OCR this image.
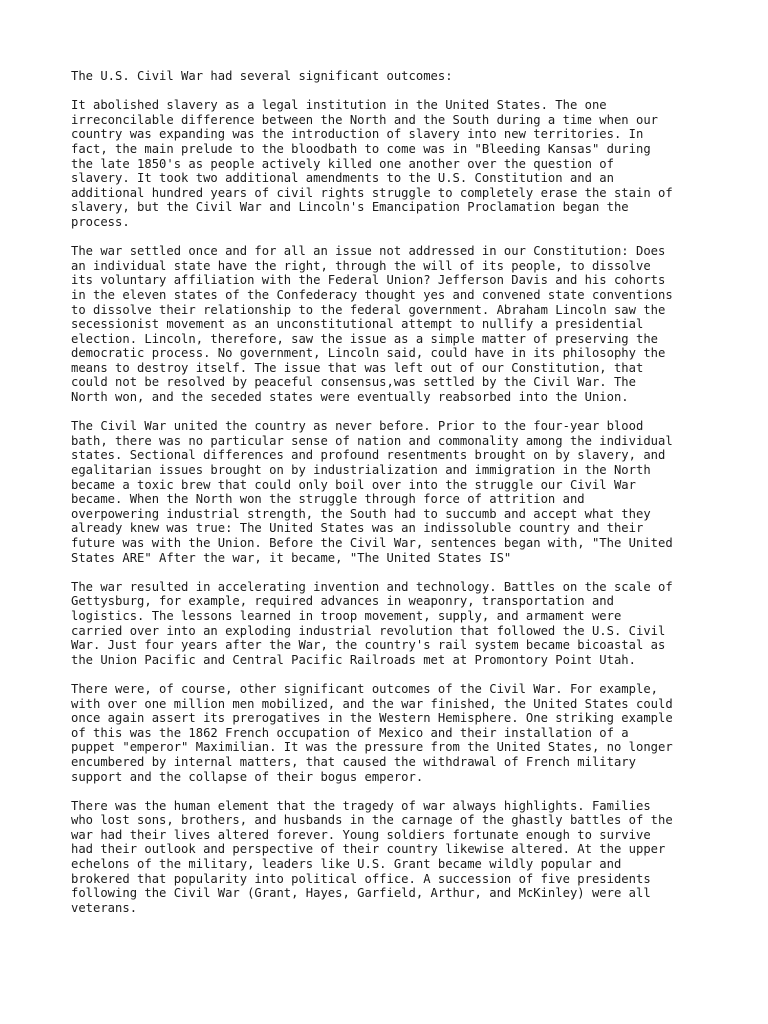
The U.S. Civil War had several significant outcomes:

It abolished slavery as a legal institution in the United States. The one
irreconcilable difference between the North and the South during a time when our
country was expanding was the introduction of slavery into new territories. In
fact, the main prelude to the bloodbath to come was in "Bleeding Kansas" during
the late 1850's as people actively killed one another over the question of
slavery. It took two additional amendments to the U.S. Constitution and an
additional hundred years of civil rights struggle to completely erase the stain of
slavery, but the Civil War and Lincoln's Emancipation Proclamation began the
process.

The war settled once and for all an issue not addressed in our Constitution: Does
an individual state have the right, through the will of its people, to dissolve
its voluntary affiliation with the Federal Union? Jefferson Davis and his cohorts
in the eleven states of the Confederacy thought yes and convened state conventions
to dissolve their relationship to the federal government. Abraham Lincoln saw the
secessionist movement as an unconstitutional attempt to nullify a presidential
election. Lincoln, therefore, saw the issue as a simple matter of preserving the
democratic process. No government, Lincoln said, could have in its philosophy the
means to destroy itself. The issue that was left out of our Constitution, that
could not be resolved by peaceful consensus,was settled by the Civil War. The
North won, and the seceded states were eventually reabsorbed into the Union.

The Civil War united the country as never before. Prior to the four-year blood
bath, there was no particular sense of nation and commonality among the individual
states. Sectional differences and profound resentments brought on by slavery, and
egalitarian issues brought on by industrialization and immigration in the North
became a toxic brew that could only boil over into the struggle our Civil War
became. When the North won the struggle through force of attrition and
overpowering industrial strength, the South had to succumb and accept what they
already knew was true: The United States was an indissoluble country and their
future was with the Union. Before the Civil War, sentences began with, "The United
States ARE" After the war, it became, "The United States IS"

The war resulted in accelerating invention and technology. Battles on the scale of
Gettysburg, for example, required advances in weaponry, transportation and
logistics. The lessons learned in troop movement, supply, and armament were
carried over into an exploding industrial revolution that followed the U.S. Civil
War. Just four years after the War, the country's rail system became bicoastal as
the Union Pacific and Central Pacific Railroads met at Promontory Point Utah.

There were, of course, other significant outcomes of the Civil War. For example,
with over one million men mobilized, and the war finished, the United States could
once again assert its prerogatives in the Western Hemisphere. One striking example
of this was the 1862 French occupation of Mexico and their installation of a
puppet "emperor" Maximilian. It was the pressure from the United States, no longer
encumbered by internal matters, that caused the withdrawal of French military
support and the collapse of their bogus emperor.

There was the human element that the tragedy of war always highlights. Families
who lost sons, brothers, and husbands in the carnage of the ghastly battles of the
war had their lives altered forever. Young soldiers fortunate enough to survive
had their outlook and perspective of their country likewise altered. At the upper
echelons of the military, leaders like U.S. Grant became wildly popular and
brokered that popularity into political office. A succession of five presidents
following the Civil War (Grant, Hayes, Garfield, Arthur, and McKinley) were all
veterans.
